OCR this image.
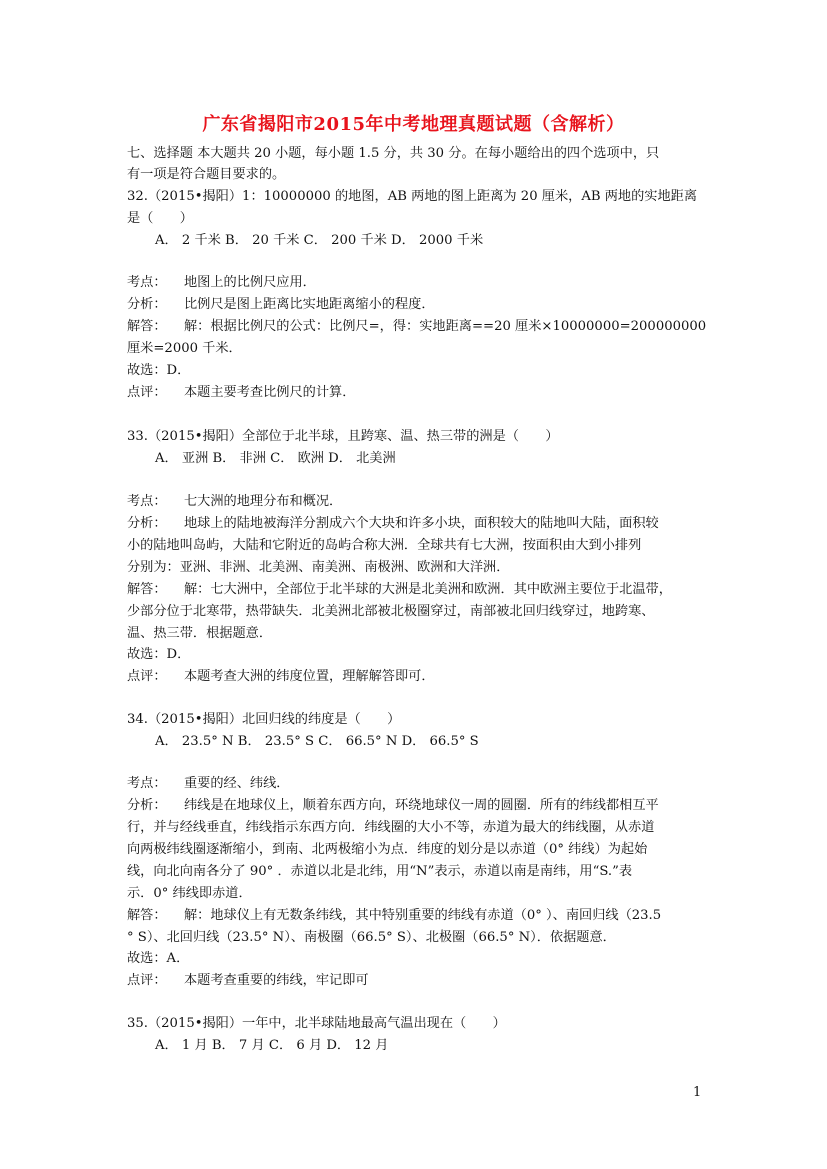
广东省揭阳市2015年中考地理真题试题（含解析）
七、选择题 本大题共 20 小题，每小题 1.5 分，共 30 分。在每小题给出的四个选项中，只
有一项是符合题目要求的。
32.（2015•揭阳）1：10000000 的地图，AB 两地的图上距离为 20 厘米，AB 两地的实地距离
是（　　）
A． 2 千米 B． 20 千米 C． 200 千米 D． 2000 千米
考点： 地图上的比例尺应用．
分析： 比例尺是图上距离比实地距离缩小的程度．
解答： 解：根据比例尺的公式：比例尺=，得：实地距离==20 厘米×10000000=200000000
厘米=2000 千米．
故选：D．
点评： 本题主要考查比例尺的计算．
33.（2015•揭阳）全部位于北半球，且跨寒、温、热三带的洲是（　　）
A． 亚洲 B． 非洲 C． 欧洲 D． 北美洲
考点： 七大洲的地理分布和概况．
分析： 地球上的陆地被海洋分割成六个大块和许多小块，面积较大的陆地叫大陆，面积较
小的陆地叫岛屿，大陆和它附近的岛屿合称大洲．全球共有七大洲，按面积由大到小排列
分别为：亚洲、非洲、北美洲、南美洲、南极洲、欧洲和大洋洲．
解答： 解：七大洲中，全部位于北半球的大洲是北美洲和欧洲．其中欧洲主要位于北温带，
少部分位于北寒带，热带缺失．北美洲北部被北极圈穿过，南部被北回归线穿过，地跨寒、
温、热三带．根据题意．
故选：D．
点评： 本题考查大洲的纬度位置，理解解答即可．
34.（2015•揭阳）北回归线的纬度是（　　）
A． 23.5° N B． 23.5° S C． 66.5° N D． 66.5° S
考点： 重要的经、纬线．
分析： 纬线是在地球仪上，顺着东西方向，环绕地球仪一周的圆圈．所有的纬线都相互平
行，并与经线垂直，纬线指示东西方向．纬线圈的大小不等，赤道为最大的纬线圈，从赤道
向两极纬线圈逐渐缩小，到南、北两极缩小为点．纬度的划分是以赤道（0° 纬线）为起始
线，向北向南各分了 90° ．赤道以北是北纬，用“N”表示，赤道以南是南纬，用“S.”表
示．0° 纬线即赤道．
解答： 解：地球仪上有无数条纬线，其中特别重要的纬线有赤道（0° ）、南回归线（23.5
° S）、北回归线（23.5° N）、南极圈（66.5° S）、北极圈（66.5° N）．依据题意．
故选：A．
点评： 本题考查重要的纬线，牢记即可
35.（2015•揭阳）一年中，北半球陆地最高气温出现在（　　）
A． 1 月 B． 7 月 C． 6 月 D． 12 月
1
